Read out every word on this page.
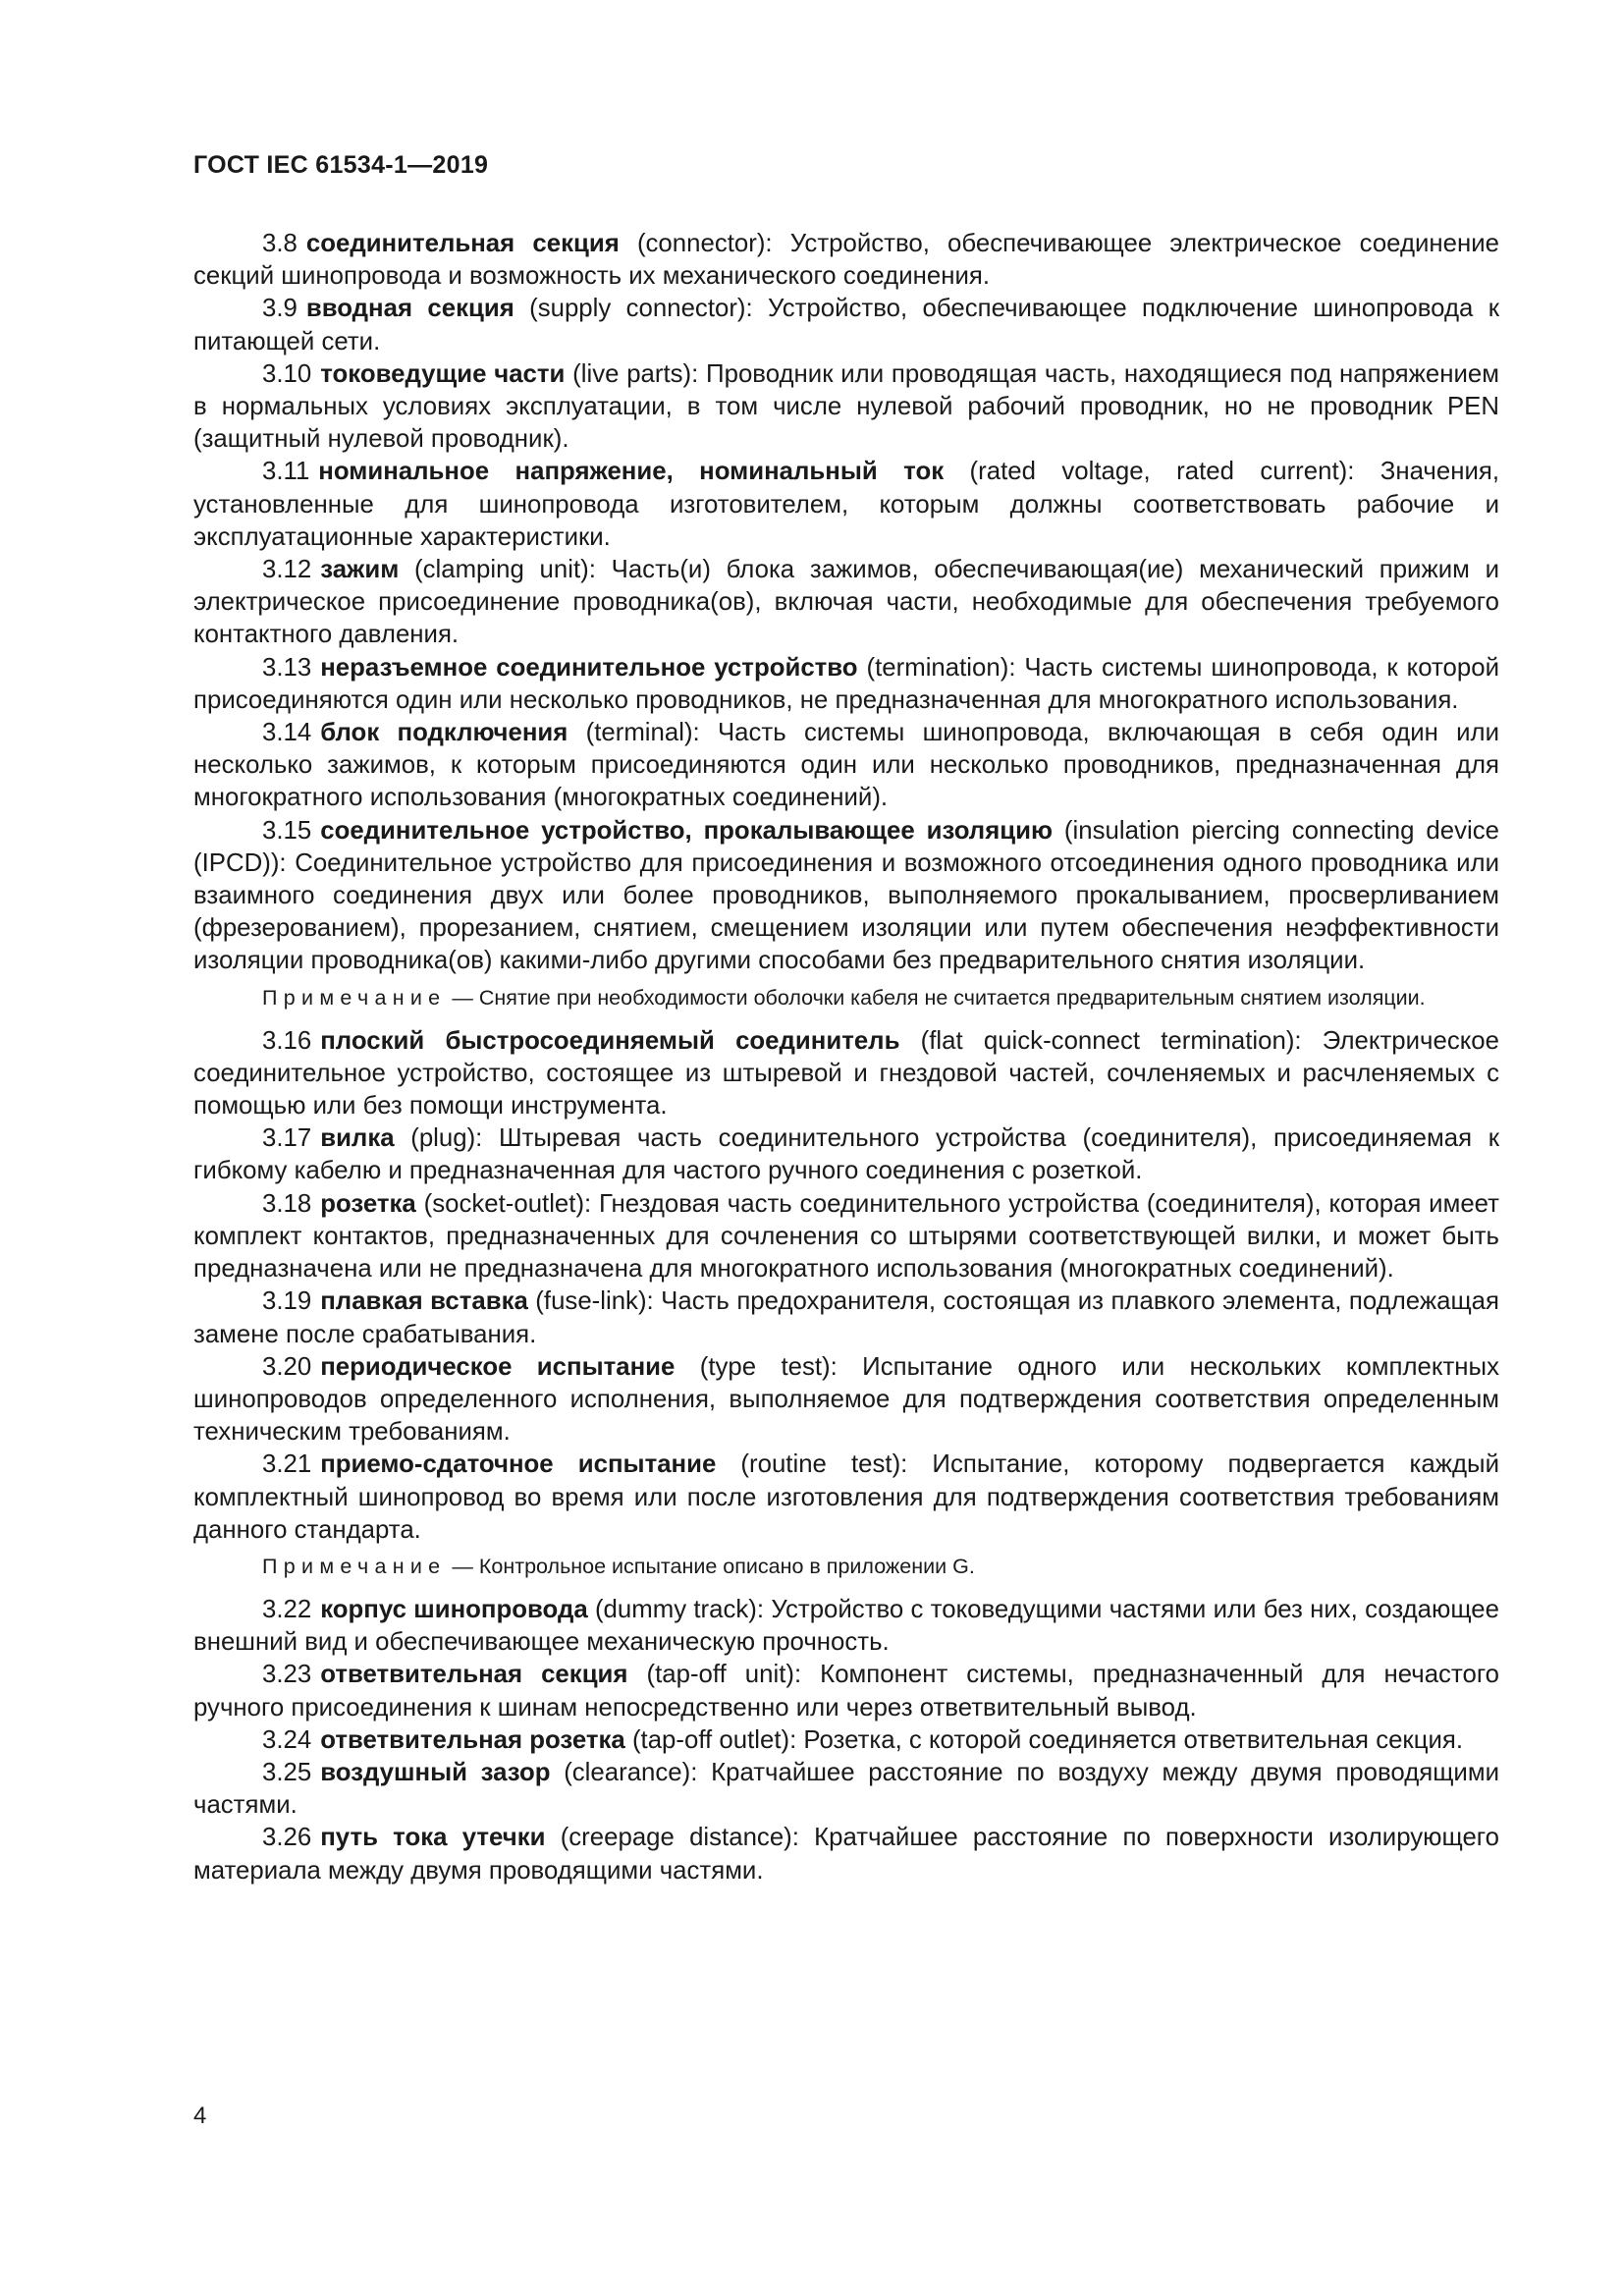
ГОСТ IEC 61534-1—2019

3.8 соединительная секция (connector): Устройство, обеспечивающее электрическое соединение секций шинопровода и возможность их механического соединения.

3.9 вводная секция (supply connector): Устройство, обеспечивающее подключение шинопровода к питающей сети.

3.10 токоведущие части (live parts): Проводник или проводящая часть, находящиеся под напряжением в нормальных условиях эксплуатации, в том числе нулевой рабочий проводник, но не проводник PEN (защитный нулевой проводник).

3.11 номинальное напряжение, номинальный ток (rated voltage, rated current): Значения, установленные для шинопровода изготовителем, которым должны соответствовать рабочие и эксплуатационные характеристики.

3.12 зажим (clamping unit): Часть(и) блока зажимов, обеспечивающая(ие) механический прижим и электрическое присоединение проводника(ов), включая части, необходимые для обеспечения требуемого контактного давления.

3.13 неразъемное соединительное устройство (termination): Часть системы шинопровода, к которой присоединяются один или несколько проводников, не предназначенная для многократного использования.

3.14 блок подключения (terminal): Часть системы шинопровода, включающая в себя один или несколько зажимов, к которым присоединяются один или несколько проводников, предназначенная для многократного использования (многократных соединений).

3.15 соединительное устройство, прокалывающее изоляцию (insulation piercing connecting device (IPCD)): Соединительное устройство для присоединения и возможного отсоединения одного проводника или взаимного соединения двух или более проводников, выполняемого прокалыванием, просверливанием (фрезерованием), прорезанием, снятием, смещением изоляции или путем обеспечения неэффективности изоляции проводника(ов) какими-либо другими способами без предварительного снятия изоляции.

Примечание — Снятие при необходимости оболочки кабеля не считается предварительным снятием изоляции.

3.16 плоский быстросоединяемый соединитель (flat quick-connect termination): Электрическое соединительное устройство, состоящее из штыревой и гнездовой частей, сочленяемых и расчленяемых с помощью или без помощи инструмента.

3.17 вилка (plug): Штыревая часть соединительного устройства (соединителя), присоединяемая к гибкому кабелю и предназначенная для частого ручного соединения с розеткой.

3.18 розетка (socket-outlet): Гнездовая часть соединительного устройства (соединителя), которая имеет комплект контактов, предназначенных для сочленения со штырями соответствующей вилки, и может быть предназначена или не предназначена для многократного использования (многократных соединений).

3.19 плавкая вставка (fuse-link): Часть предохранителя, состоящая из плавкого элемента, подлежащая замене после срабатывания.

3.20 периодическое испытание (type test): Испытание одного или нескольких комплектных шинопроводов определенного исполнения, выполняемое для подтверждения соответствия определенным техническим требованиям.

3.21 приемо-сдаточное испытание (routine test): Испытание, которому подвергается каждый комплектный шинопровод во время или после изготовления для подтверждения соответствия требованиям данного стандарта.

Примечание — Контрольное испытание описано в приложении G.

3.22 корпус шинопровода (dummy track): Устройство с токоведущими частями или без них, создающее внешний вид и обеспечивающее механическую прочность.

3.23 ответвительная секция (tap-off unit): Компонент системы, предназначенный для нечастого ручного присоединения к шинам непосредственно или через ответвительный вывод.

3.24 ответвительная розетка (tap-off outlet): Розетка, с которой соединяется ответвительная секция.

3.25 воздушный зазор (clearance): Кратчайшее расстояние по воздуху между двумя проводящими частями.

3.26 путь тока утечки (creepage distance): Кратчайшее расстояние по поверхности изолирующего материала между двумя проводящими частями.

4
